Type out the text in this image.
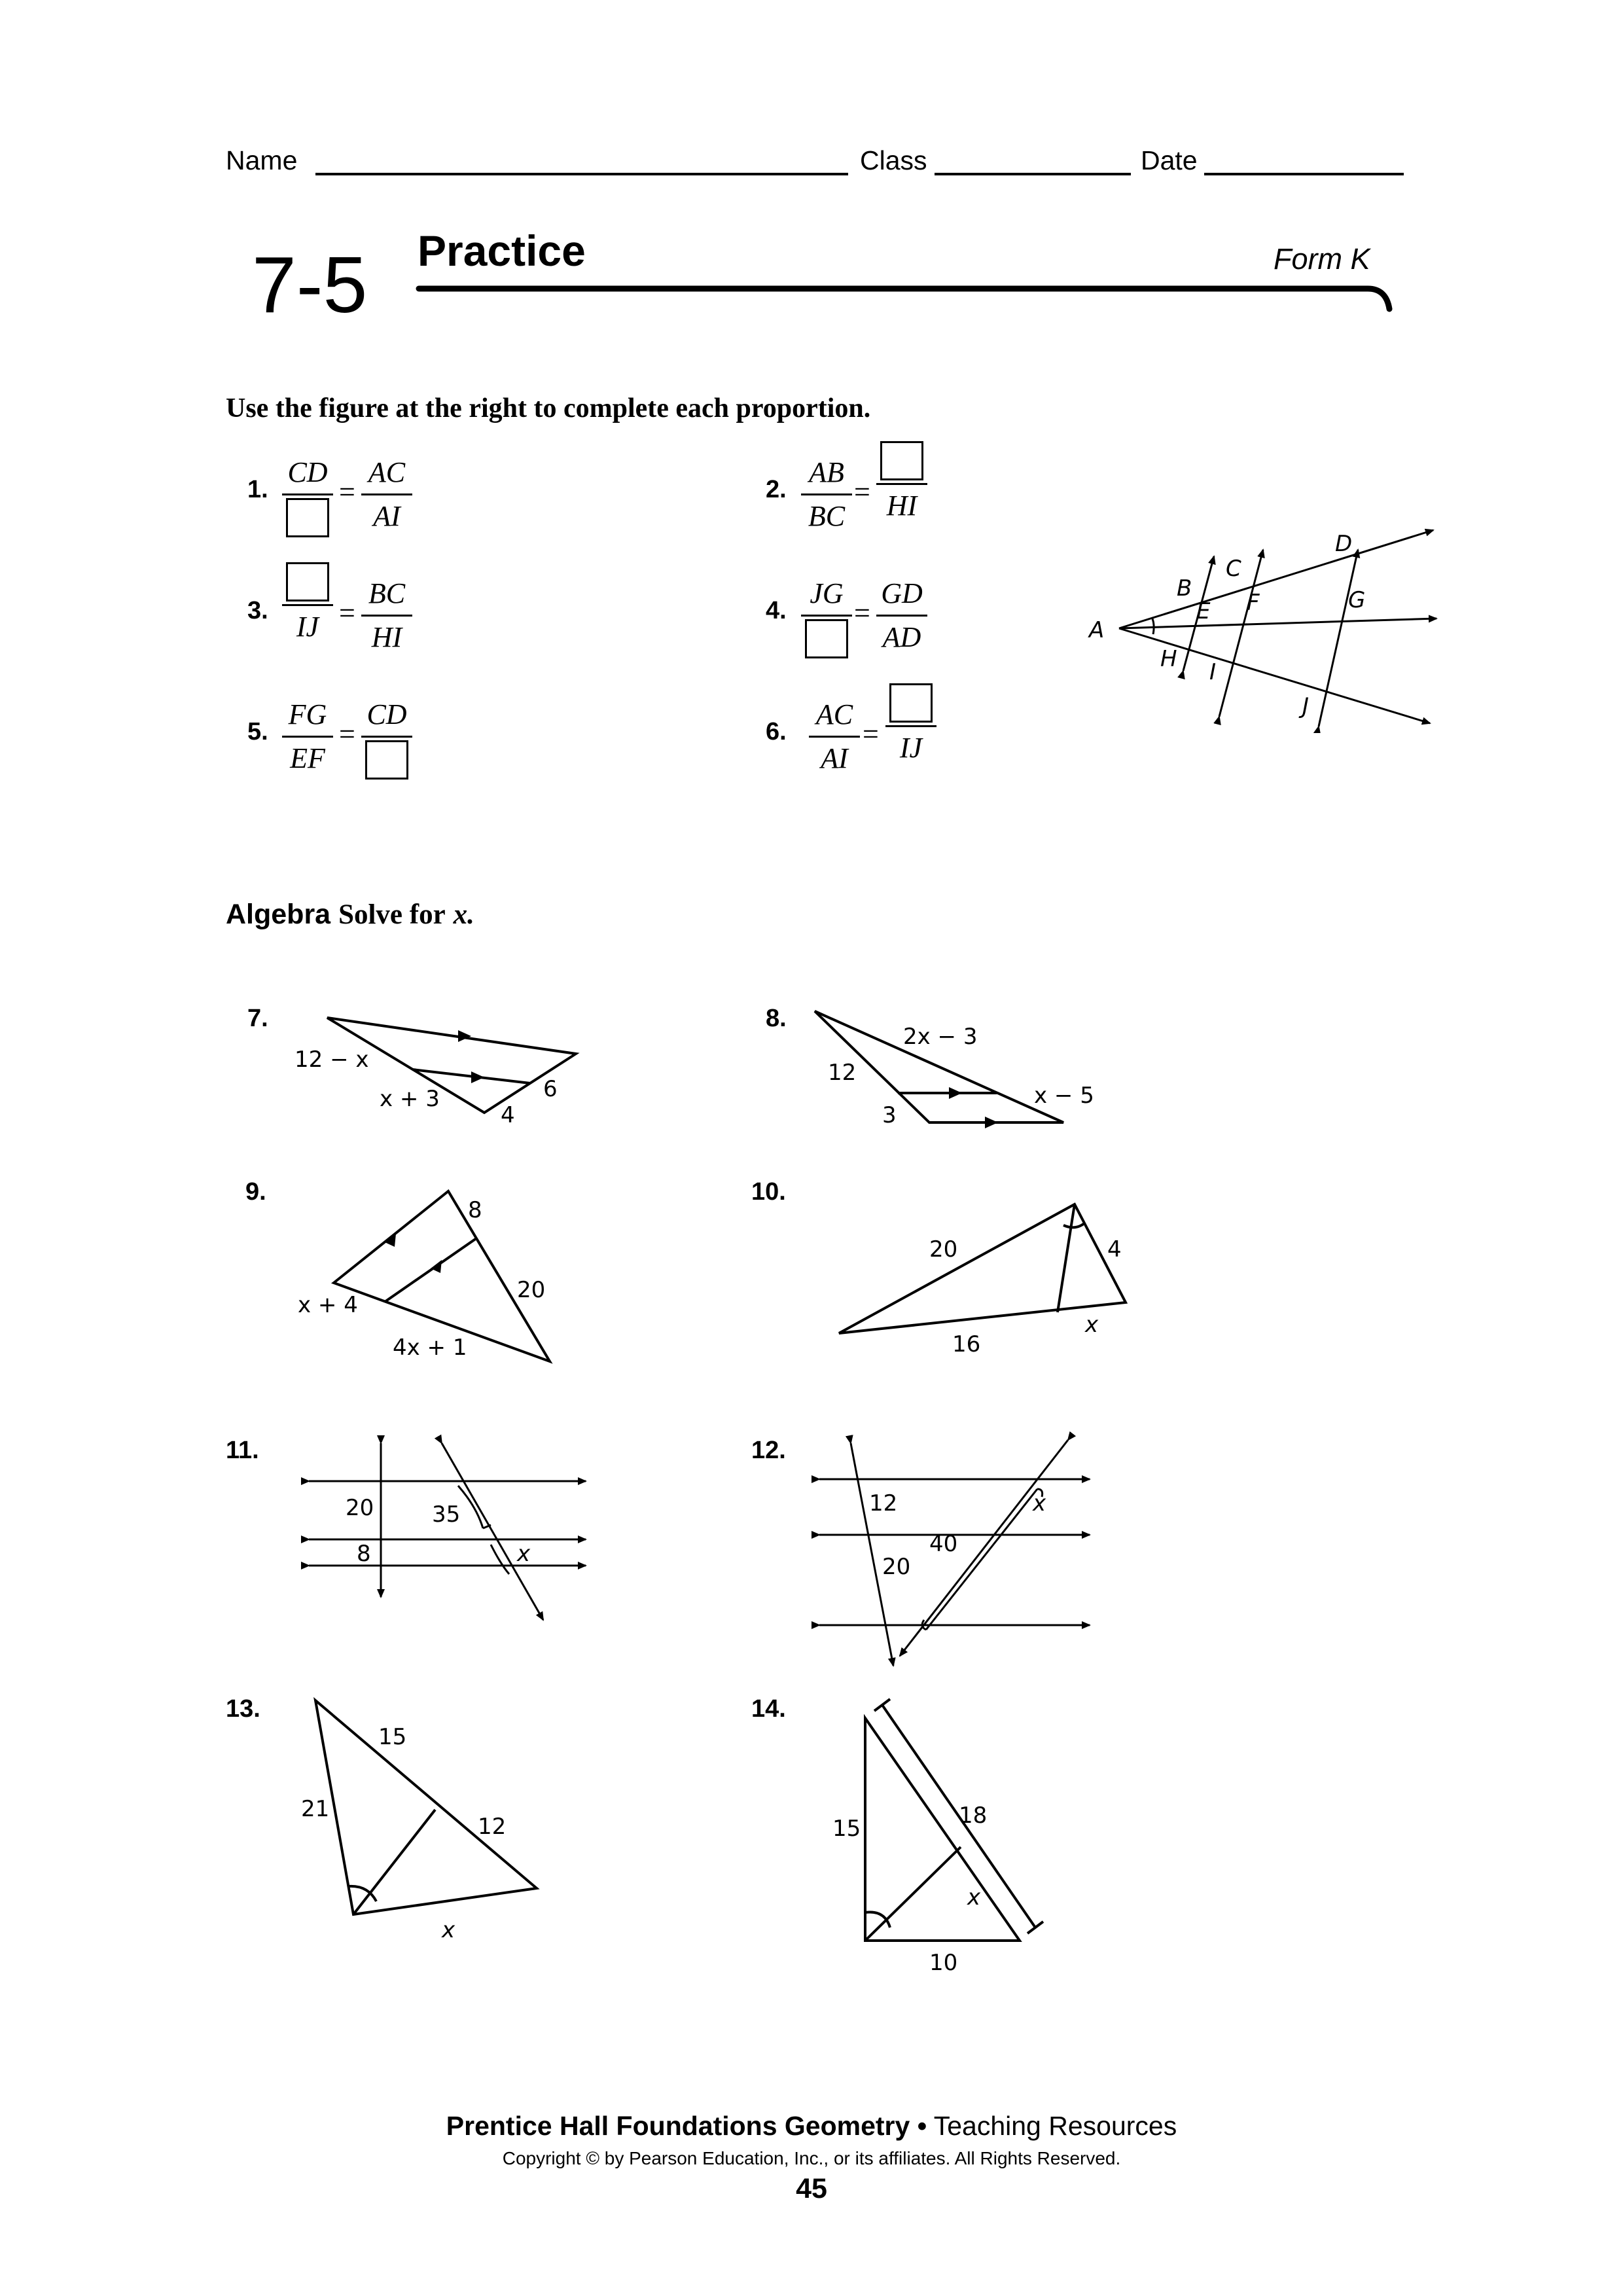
Name	Class	Date
7-5 Practice	Form K
Use the figure at the right to complete each proportion.
1.
CD
=
AC
AI
2.
AB
BC
= HI
3. IJ =
BC
HI
4.
JG
=
GD
AD
5.
FG
EF
=
CD
6.
AC
AI
= IJ
A
B
C
D
E F	G
H I
J
Algebra Solve for x.
7.
12 − x
x + 3
4
6
8.
2x − 3
12
3
x − 5
9.
8
20
x + 4
4x + 1
10.
20	4
16
x
11.
20	35
8	x
12.
12	x
40
20
13.
15
21
12
x
14.
15	18
x
10
Prentice Hall Foundations Geometry • Teaching Resources
Copyright © by Pearson Education, Inc., or its affiliates. All Rights Reserved.
45
